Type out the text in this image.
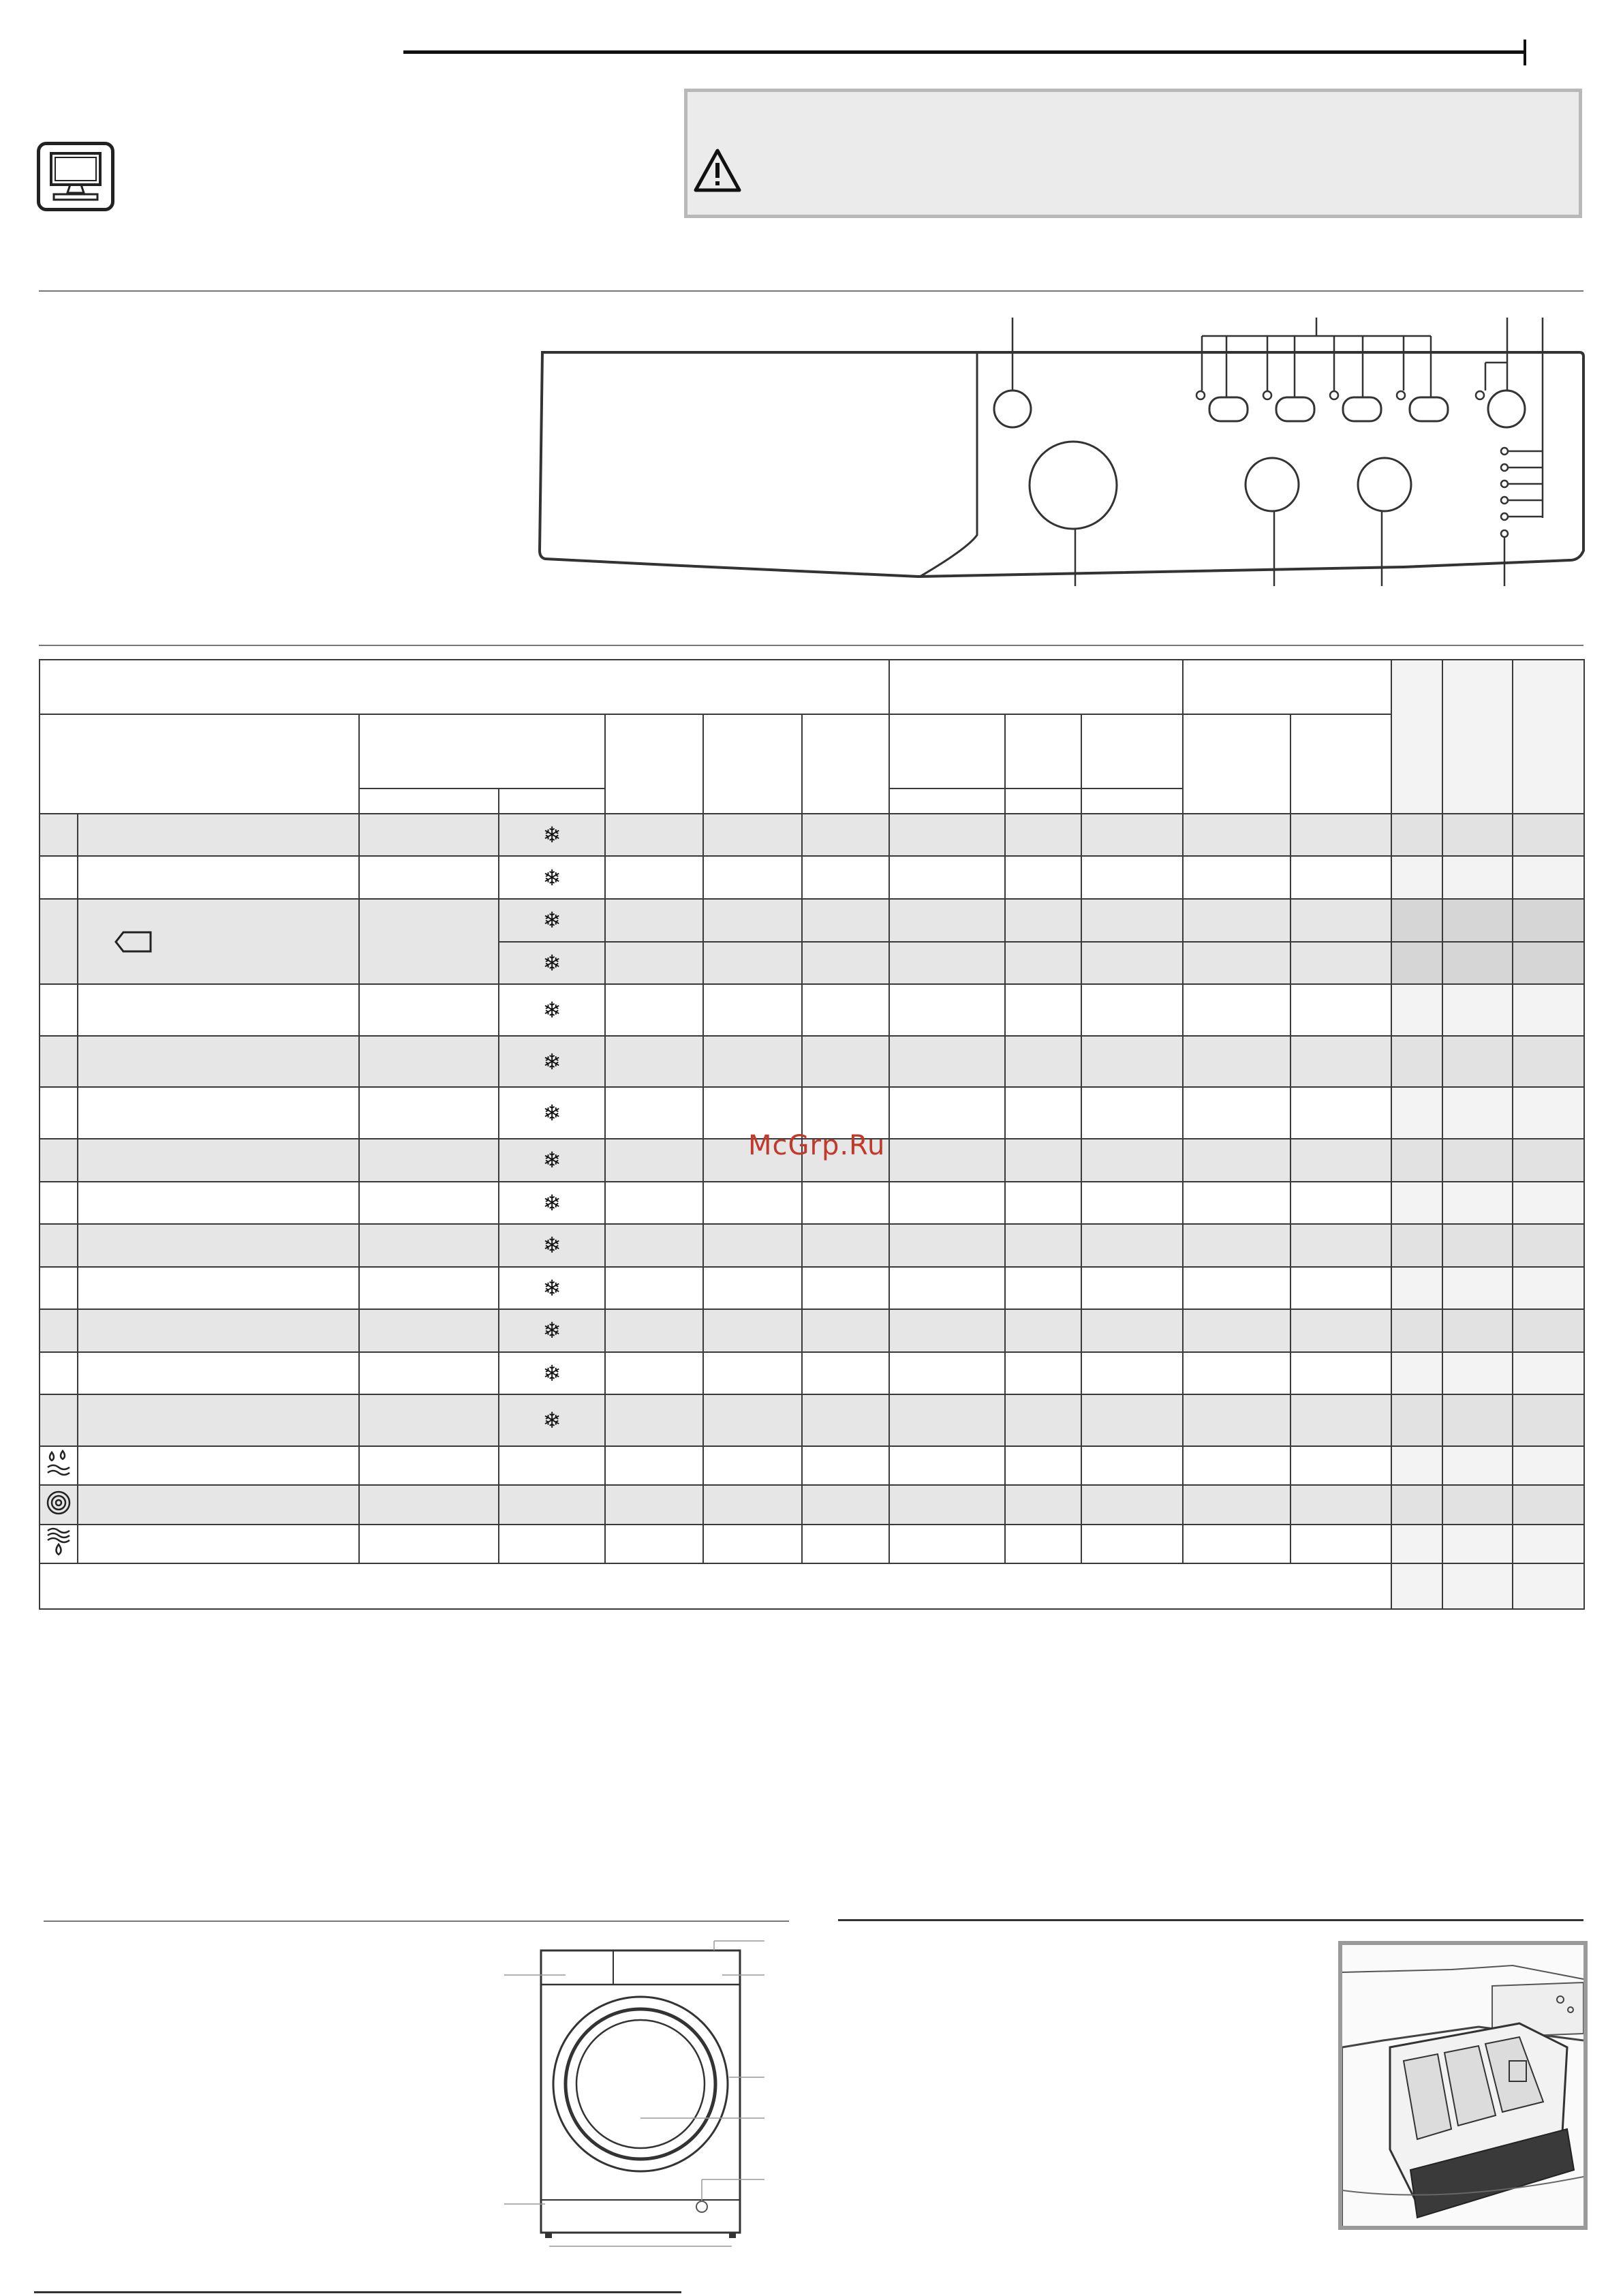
			❄											
			❄											
			❄											
			❄											
			❄											
			❄											
			❄											
			❄											
			❄											
			❄											
			❄											
			❄											
			❄											
			❄											

McGrp.Ru
